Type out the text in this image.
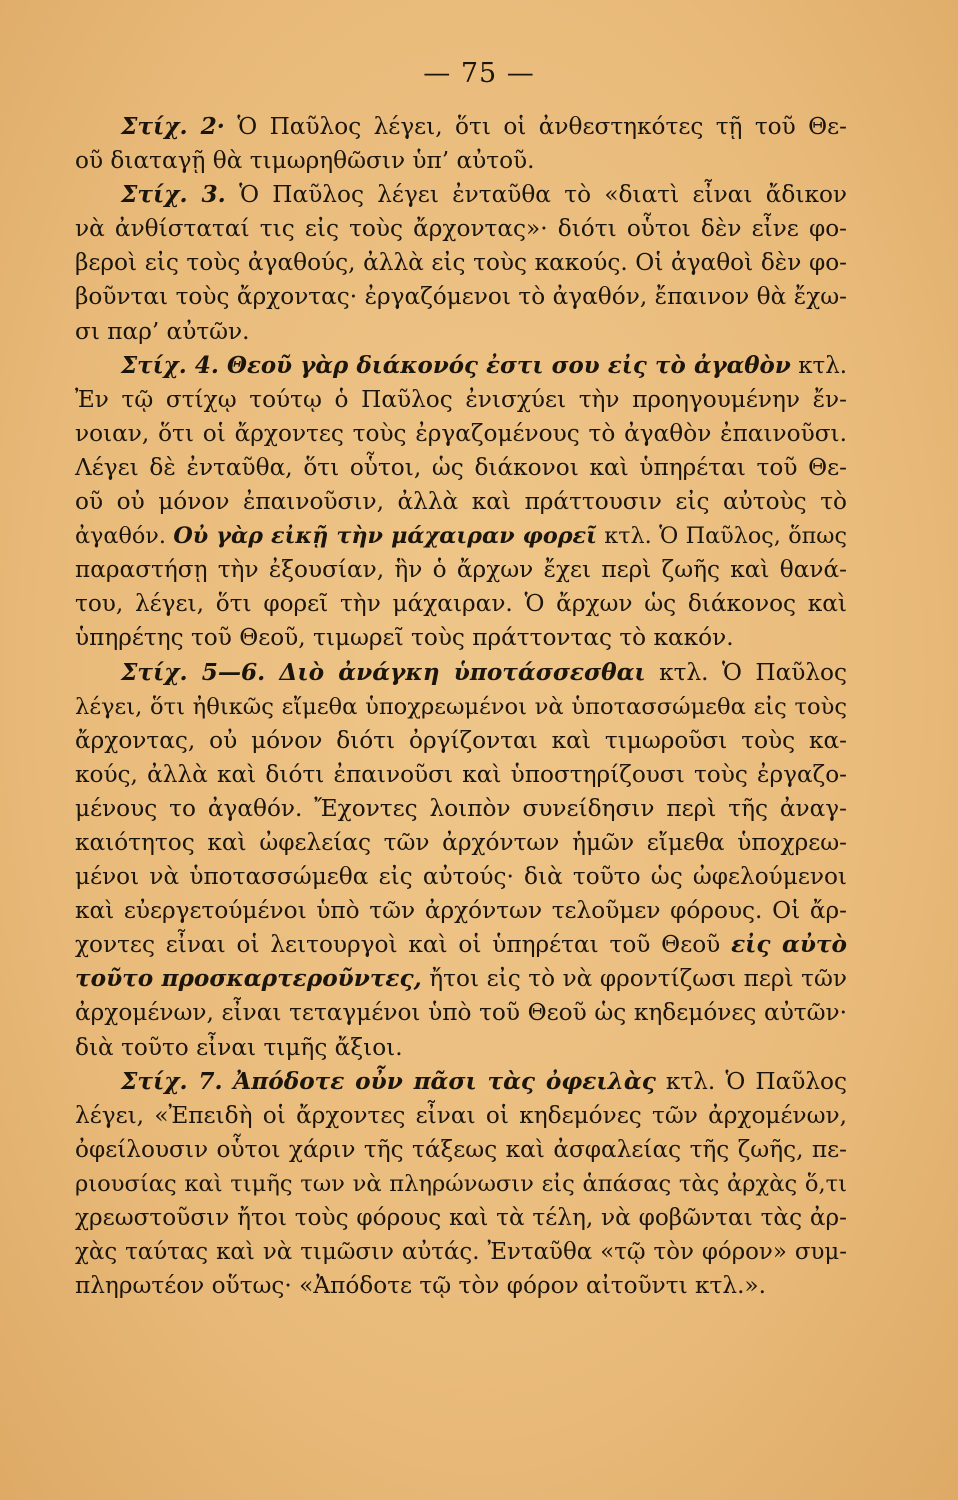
— 75 —
Στίχ. 2· Ὁ Παῦλος λέγει, ὅτι οἱ ἀνθεστηκότες τῇ τοῦ Θε-
οῦ διαταγῇ θὰ τιμωρηθῶσιν ὑπ’ αὐτοῦ.
Στίχ. 3. Ὁ Παῦλος λέγει ἐνταῦθα τὸ «διατὶ εἶναι ἄδικον
νὰ ἀνθίσταταί τις εἰς τοὺς ἄρχοντας»· διότι οὗτοι δὲν εἶνε φο-
βεροὶ εἰς τοὺς ἀγαθούς, ἀλλὰ εἰς τοὺς κακούς. Οἱ ἀγαθοὶ δὲν φο-
βοῦνται τοὺς ἄρχοντας· ἐργαζόμενοι τὸ ἀγαθόν, ἔπαινον θὰ ἔχω-
σι παρ’ αὐτῶν.
Στίχ. 4. Θεοῦ γὰρ διάκονός ἐστι σου εἰς τὸ ἀγαθὸν κτλ.
Ἐν τῷ στίχῳ τούτῳ ὁ Παῦλος ἐνισχύει τὴν προηγουμένην ἔν-
νοιαν, ὅτι οἱ ἄρχοντες τοὺς ἐργαζομένους τὸ ἀγαθὸν ἐπαινοῦσι.
Λέγει δὲ ἐνταῦθα, ὅτι οὗτοι, ὡς διάκονοι καὶ ὑπηρέται τοῦ Θε-
οῦ οὐ μόνον ἐπαινοῦσιν, ἀλλὰ καὶ πράττουσιν εἰς αὐτοὺς τὸ
ἀγαθόν. Οὐ γὰρ εἰκῇ τὴν μάχαιραν φορεῖ κτλ. Ὁ Παῦλος, ὅπως
παραστήσῃ τὴν ἐξουσίαν, ἣν ὁ ἄρχων ἔχει περὶ ζωῆς καὶ θανά-
του, λέγει, ὅτι φορεῖ τὴν μάχαιραν. Ὁ ἄρχων ὡς διάκονος καὶ
ὑπηρέτης τοῦ Θεοῦ, τιμωρεῖ τοὺς πράττοντας τὸ κακόν.
Στίχ. 5—6. Διὸ ἀνάγκη ὑποτάσσεσθαι κτλ. Ὁ Παῦλος
λέγει, ὅτι ἠθικῶς εἴμεθα ὑποχρεωμένοι νὰ ὑποτασσώμεθα εἰς τοὺς
ἄρχοντας, οὐ μόνον διότι ὀργίζονται καὶ τιμωροῦσι τοὺς κα-
κούς, ἀλλὰ καὶ διότι ἐπαινοῦσι καὶ ὑποστηρίζουσι τοὺς ἐργαζο-
μένους το ἀγαθόν. Ἔχοντες λοιπὸν συνείδησιν περὶ τῆς ἀναγ-
καιότητος καὶ ὠφελείας τῶν ἀρχόντων ἡμῶν εἴμεθα ὑποχρεω-
μένοι νὰ ὑποτασσώμεθα εἰς αὐτούς· διὰ τοῦτο ὡς ὠφελούμενοι
καὶ εὐεργετούμένοι ὑπὸ τῶν ἀρχόντων τελοῦμεν φόρους. Οἱ ἄρ-
χοντες εἶναι οἱ λειτουργοὶ καὶ οἱ ὑπηρέται τοῦ Θεοῦ εἰς αὐτὸ
τοῦτο προσκαρτεροῦντες, ἤτοι εἰς τὸ νὰ φροντίζωσι περὶ τῶν
ἀρχομένων, εἶναι τεταγμένοι ὑπὸ τοῦ Θεοῦ ὡς κηδεμόνες αὐτῶν·
διὰ τοῦτο εἶναι τιμῆς ἄξιοι.
Στίχ. 7. Ἀπόδοτε οὖν πᾶσι τὰς ὀφειλὰς κτλ. Ὁ Παῦλος
λέγει, «Ἐπειδὴ οἱ ἄρχοντες εἶναι οἱ κηδεμόνες τῶν ἀρχομένων,
ὀφείλουσιν οὗτοι χάριν τῆς τάξεως καὶ ἀσφαλείας τῆς ζωῆς, πε-
ριουσίας καὶ τιμῆς των νὰ πληρώνωσιν εἰς ἁπάσας τὰς ἀρχὰς ὅ,τι
χρεωστοῦσιν ἤτοι τοὺς φόρους καὶ τὰ τέλη, νὰ φοβῶνται τὰς ἀρ-
χὰς ταύτας καὶ νὰ τιμῶσιν αὐτάς. Ἐνταῦθα «τῷ τὸν φόρον» συμ-
πληρωτέον οὕτως· «Ἀπόδοτε τῷ τὸν φόρον αἰτοῦντι κτλ.».
